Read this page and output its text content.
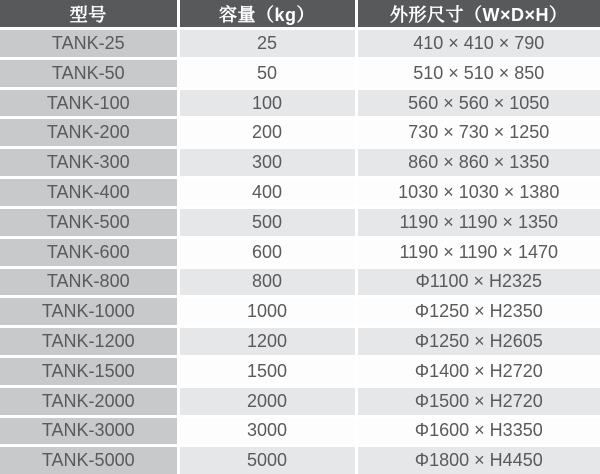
型号	容量（kg）	外形尺寸（W×D×H）
TANK-25	25	410 × 410 × 790
TANK-50	50	510 × 510 × 850
TANK-100	100	560 × 560 × 1050
TANK-200	200	730 × 730 × 1250
TANK-300	300	860 × 860 × 1350
TANK-400	400	1030 × 1030 × 1380
TANK-500	500	1190 × 1190 × 1350
TANK-600	600	1190 × 1190 × 1470
TANK-800	800	Φ1100 × H2325
TANK-1000	1000	Φ1250 × H2350
TANK-1200	1200	Φ1250 × H2605
TANK-1500	1500	Φ1400 × H2720
TANK-2000	2000	Φ1500 × H2720
TANK-3000	3000	Φ1600 × H3350
TANK-5000	5000	Φ1800 × H4450
